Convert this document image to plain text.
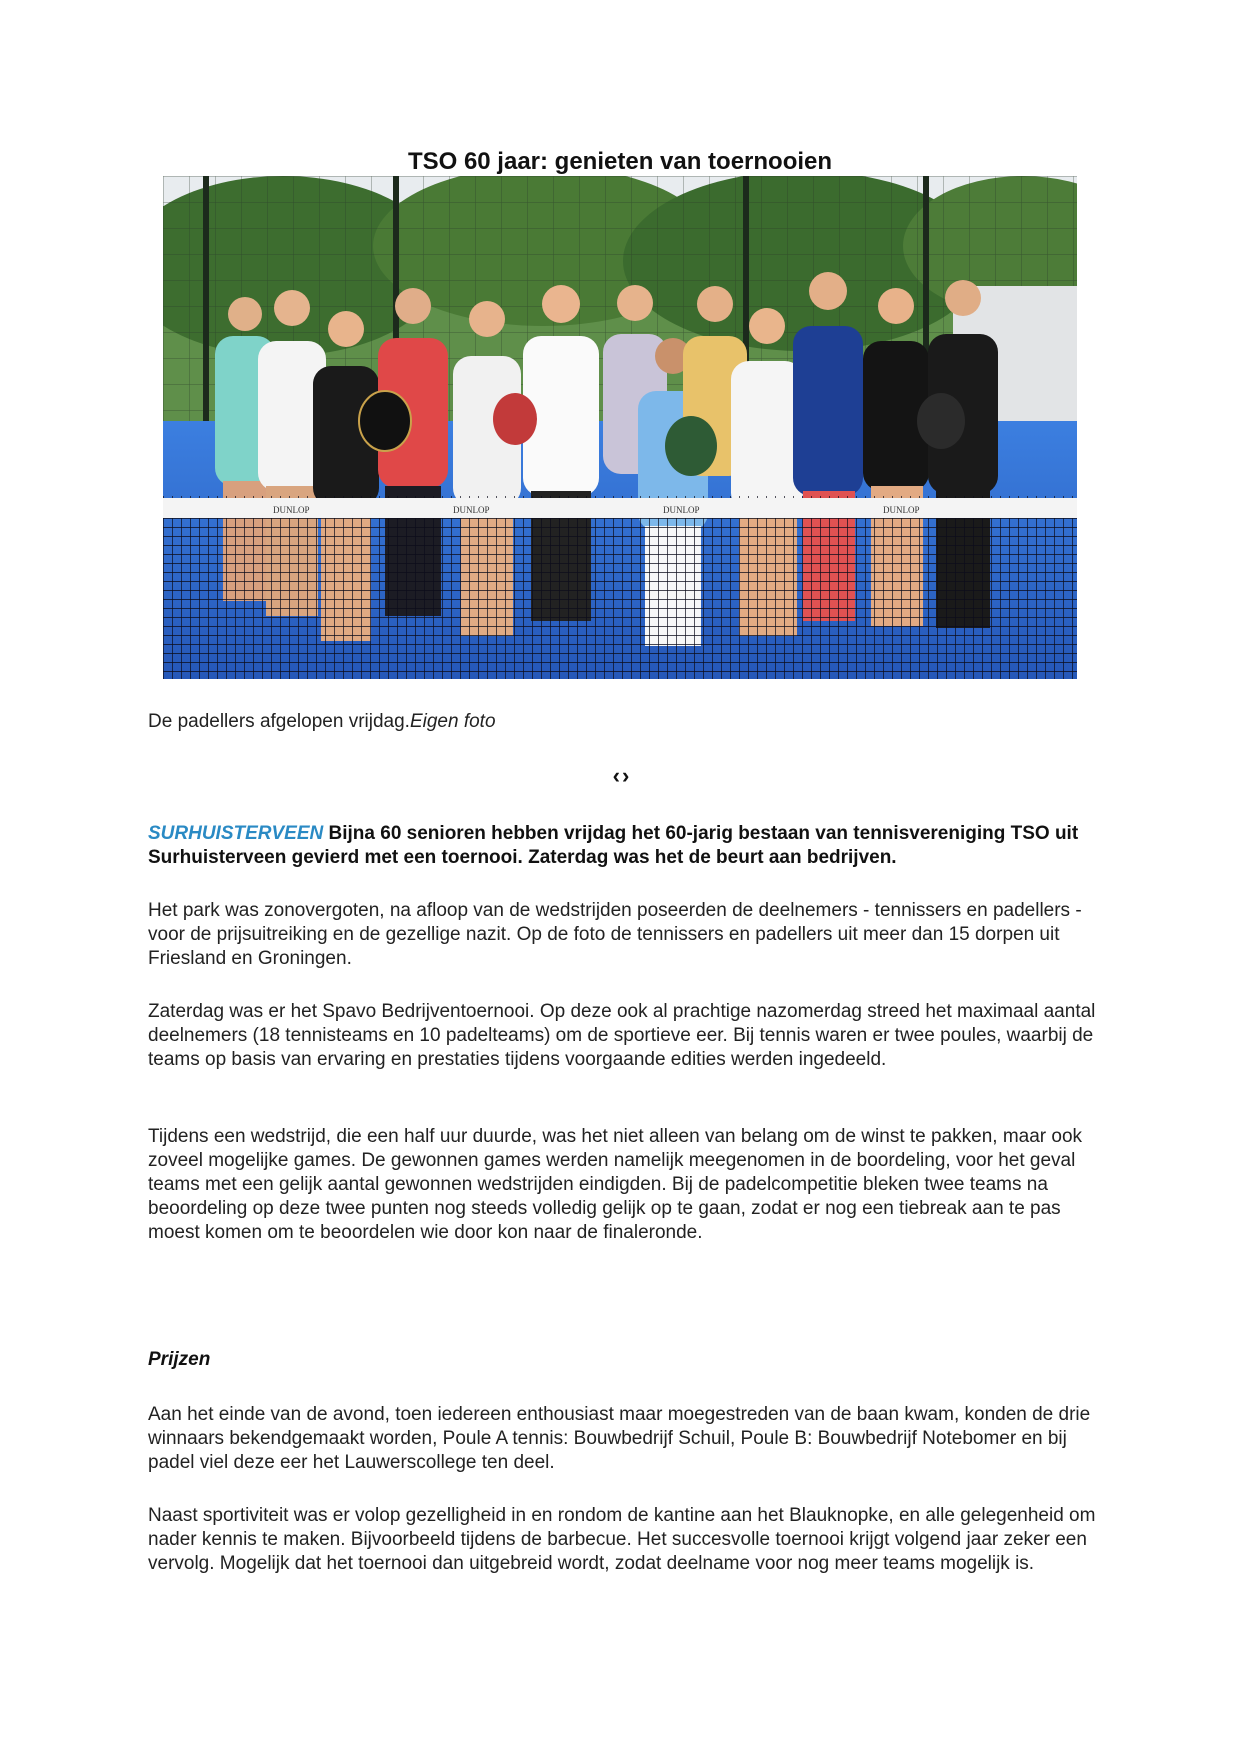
TSO 60 jaar: genieten van toernooien
DUNLOP	DUNLOP	DUNLOP	DUNLOP
De padellers afgelopen vrijdag.Eigen foto
‹ ›

SURHUISTERVEEN Bijna 60 senioren hebben vrijdag het 60-jarig bestaan van tennisvereniging TSO uit Surhuisterveen gevierd met een toernooi. Zaterdag was het de beurt aan bedrijven.

Het park was zonovergoten, na afloop van de wedstrijden poseerden de deelnemers - tennissers en padellers - voor de prijsuitreiking en de gezellige nazit. Op de foto de tennissers en padellers uit meer dan 15 dorpen uit Friesland en Groningen.

Zaterdag was er het Spavo Bedrijventoernooi. Op deze ook al prachtige nazomerdag streed het maximaal aantal deelnemers (18 tennisteams en 10 padelteams) om de sportieve eer. Bij tennis waren er twee poules, waarbij de teams op basis van ervaring en prestaties tijdens voorgaande edities werden ingedeeld.

Tijdens een wedstrijd, die een half uur duurde, was het niet alleen van belang om de winst te pakken, maar ook zoveel mogelijke games. De gewonnen games werden namelijk meegenomen in de boordeling, voor het geval teams met een gelijk aantal gewonnen wedstrijden eindigden. Bij de padelcompetitie bleken twee teams na beoordeling op deze twee punten nog steeds volledig gelijk op te gaan, zodat er nog een tiebreak aan te pas moest komen om te beoordelen wie door kon naar de finaleronde.

Prijzen

Aan het einde van de avond, toen iedereen enthousiast maar moegestreden van de baan kwam, konden de drie winnaars bekendgemaakt worden, Poule A tennis: Bouwbedrijf Schuil, Poule B: Bouwbedrijf Notebomer en bij padel viel deze eer het Lauwerscollege ten deel.

Naast sportiviteit was er volop gezelligheid in en rondom de kantine aan het Blauknopke, en alle gelegenheid om nader kennis te maken. Bijvoorbeeld tijdens de barbecue. Het succesvolle toernooi krijgt volgend jaar zeker een vervolg. Mogelijk dat het toernooi dan uitgebreid wordt, zodat deelname voor nog meer teams mogelijk is.
